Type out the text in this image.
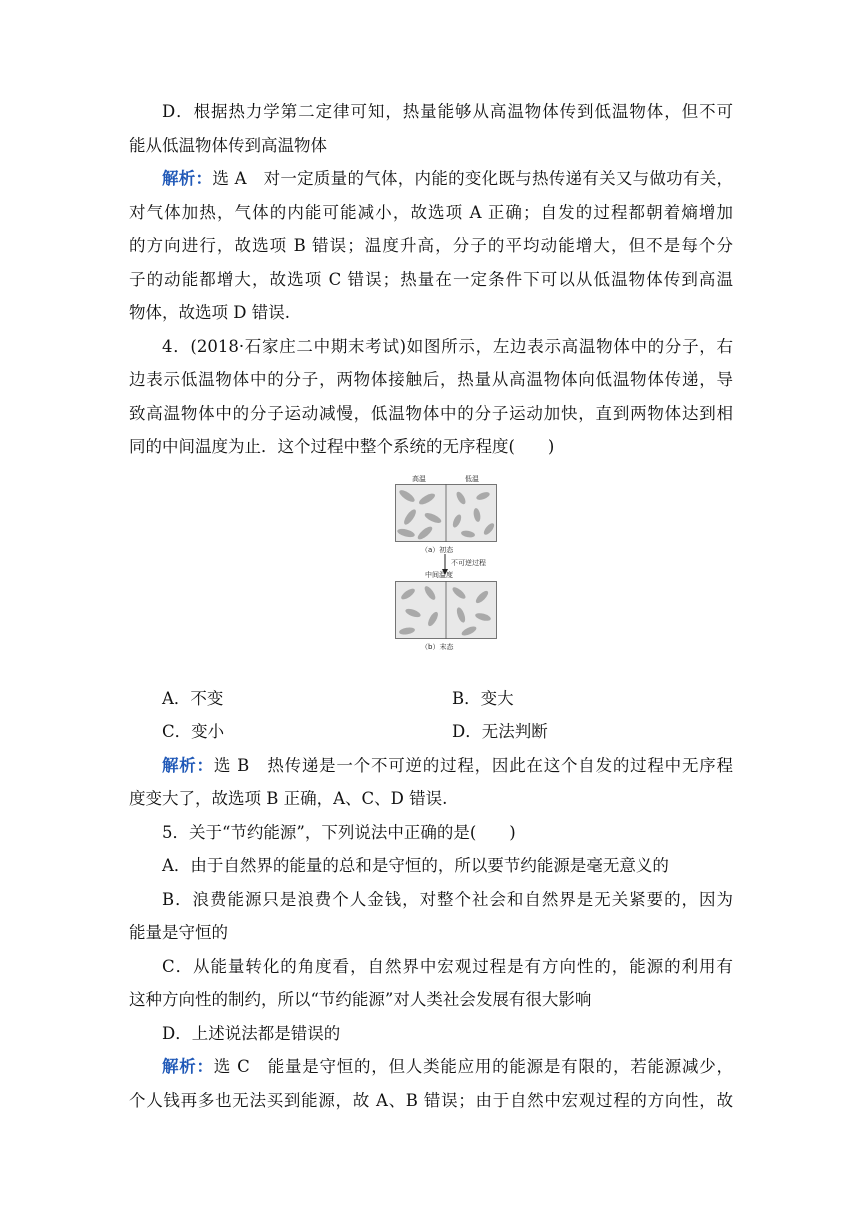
D．根据热力学第二定律可知，热量能够从高温物体传到低温物体，但不可
能从低温物体传到高温物体
解析：选 A　对一定质量的气体，内能的变化既与热传递有关又与做功有关，
对气体加热，气体的内能可能减小，故选项 A 正确；自发的过程都朝着熵增加
的方向进行，故选项 B 错误；温度升高，分子的平均动能增大，但不是每个分
子的动能都增大，故选项 C 错误；热量在一定条件下可以从低温物体传到高温
物体，故选项 D 错误.
4．(2018·石家庄二中期末考试)如图所示，左边表示高温物体中的分子，右
边表示低温物体中的分子，两物体接触后，热量从高温物体向低温物体传递，导
致高温物体中的分子运动减慢，低温物体中的分子运动加快，直到两物体达到相
同的中间温度为止．这个过程中整个系统的无序程度(　　)
高温	低温
（a）初态
不可逆过程
中间温度
（b）末态
A．不变	B．变大
C．变小	D．无法判断
解析：选 B　热传递是一个不可逆的过程，因此在这个自发的过程中无序程
度变大了，故选项 B 正确，A、C、D 错误.
5．关于“节约能源”，下列说法中正确的是(　　)
A．由于自然界的能量的总和是守恒的，所以要节约能源是毫无意义的
B．浪费能源只是浪费个人金钱，对整个社会和自然界是无关紧要的，因为
能量是守恒的
C．从能量转化的角度看，自然界中宏观过程是有方向性的，能源的利用有
这种方向性的制约，所以“节约能源”对人类社会发展有很大影响
D．上述说法都是错误的
解析：选 C　能量是守恒的，但人类能应用的能源是有限的，若能源减少，
个人钱再多也无法买到能源，故 A、B 错误；由于自然中宏观过程的方向性，故
